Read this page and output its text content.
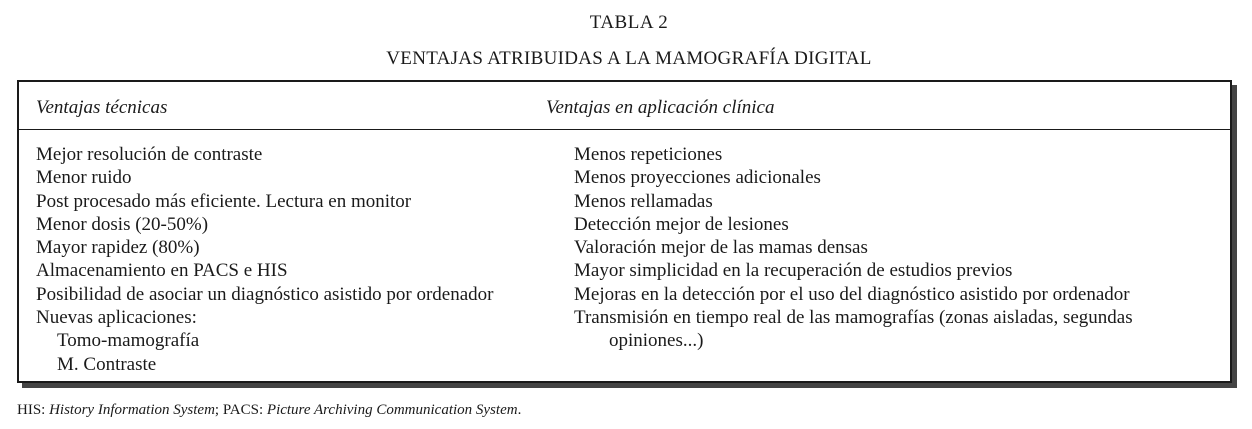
TABLA 2
VENTAJAS ATRIBUIDAS A LA MAMOGRAFÍA DIGITAL
Ventajas técnicas	Ventajas en aplicación clínica
Mejor resolución de contraste
Menor ruido
Post procesado más eficiente. Lectura en monitor
Menor dosis (20-50%)
Mayor rapidez (80%)
Almacenamiento en PACS e HIS
Posibilidad de asociar un diagnóstico asistido por ordenador
Nuevas aplicaciones:
Tomo-mamografía
M. Contraste
Menos repeticiones
Menos proyecciones adicionales
Menos rellamadas
Detección mejor de lesiones
Valoración mejor de las mamas densas
Mayor simplicidad en la recuperación de estudios previos
Mejoras en la detección por el uso del diagnóstico asistido por ordenador
Transmisión en tiempo real de las mamografías (zonas aisladas, segundas opiniones...)
HIS: History Information System; PACS: Picture Archiving Communication System.
